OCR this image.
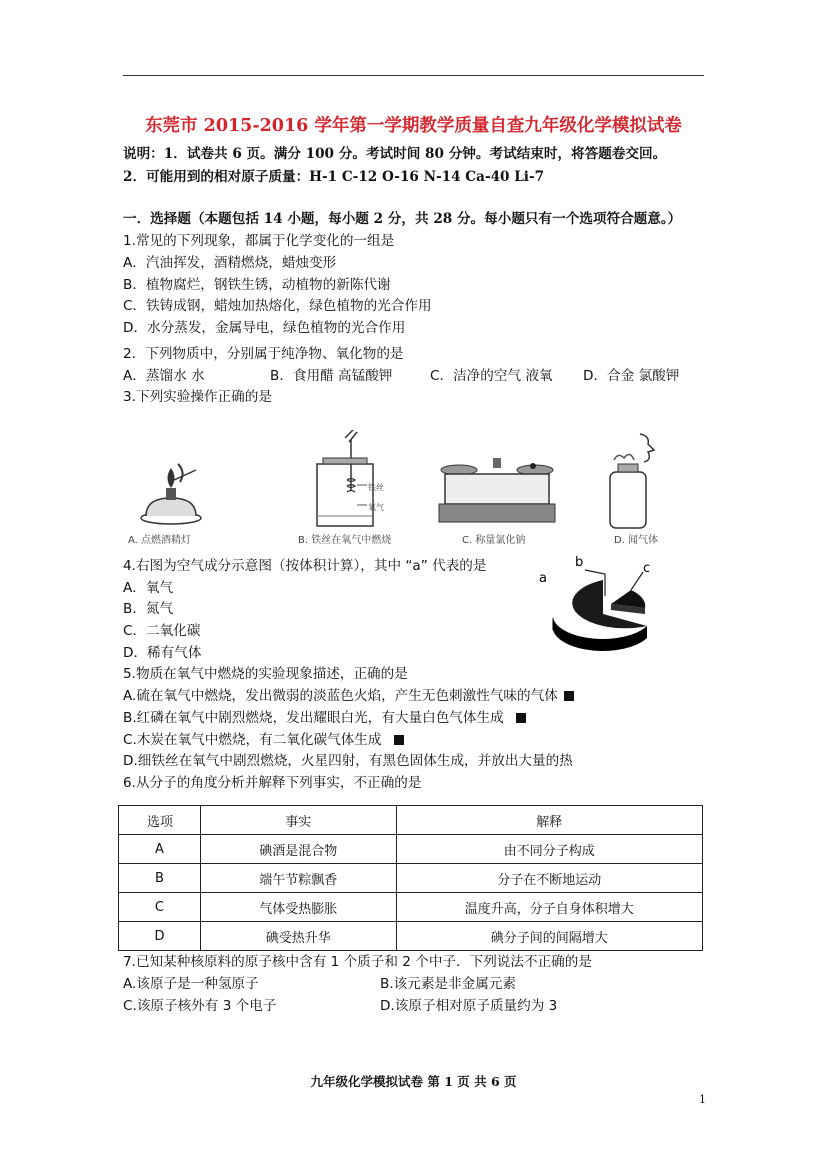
东莞市 2015-2016 学年第一学期教学质量自查九年级化学模拟试卷
说明：1．试卷共 6 页。满分 100 分。考试时间 80 分钟。考试结束时，将答题卷交回。
2．可能用到的相对原子质量：H-1 C-12 O-16 N-14 Ca-40 Li-7
一．选择题（本题包括 14 小题，每小题 2 分，共 28 分。每小题只有一个选项符合题意。）
1.常见的下列现象，都属于化学变化的一组是
A．汽油挥发，酒精燃烧，蜡烛变形
B．植物腐烂，钢铁生锈，动植物的新陈代谢
C．铁铸成钢，蜡烛加热熔化，绿色植物的光合作用
D．水分蒸发，金属导电，绿色植物的光合作用
2．下列物质中，分别属于纯净物、氧化物的是
A．蒸馏水 水	B．食用醋 高锰酸钾	C．洁净的空气 液氧 D．合金 氯酸钾
3.下列实验操作正确的是
A. 点燃酒精灯
铁丝
氧气
B. 铁丝在氧气中燃烧	C. 称量氯化钠	D. 闻气体
4.右图为空气成分示意图（按体积计算），其中 “a” 代表的是
A．氧气
B．氮气
C．二氧化碳
D．稀有气体
a
b	c
5.物质在氧气中燃烧的实验现象描述，正确的是
A.硫在氧气中燃烧，发出微弱的淡蓝色火焰，产生无色刺激性气味的气体
B.红磷在氧气中剧烈燃烧，发出耀眼白光，有大量白色气体生成
C.木炭在氧气中燃烧，有二氧化碳气体生成
D.细铁丝在氧气中剧烈燃烧，火星四射，有黑色固体生成，并放出大量的热
6.从分子的角度分析并解释下列事实，不正确的是
选项	事实	解释
A	碘酒是混合物	由不同分子构成
B	端午节粽飘香	分子在不断地运动
C	气体受热膨胀	温度升高，分子自身体积增大
D	碘受热升华	碘分子间的间隔增大
7.已知某种核原料的原子核中含有 1 个质子和 2 个中子．下列说法不正确的是
A.该原子是一种氢原子	B.该元素是非金属元素
C.该原子核外有 3 个电子	D.该原子相对原子质量约为 3
九年级化学模拟试卷 第 1 页 共 6 页
1
